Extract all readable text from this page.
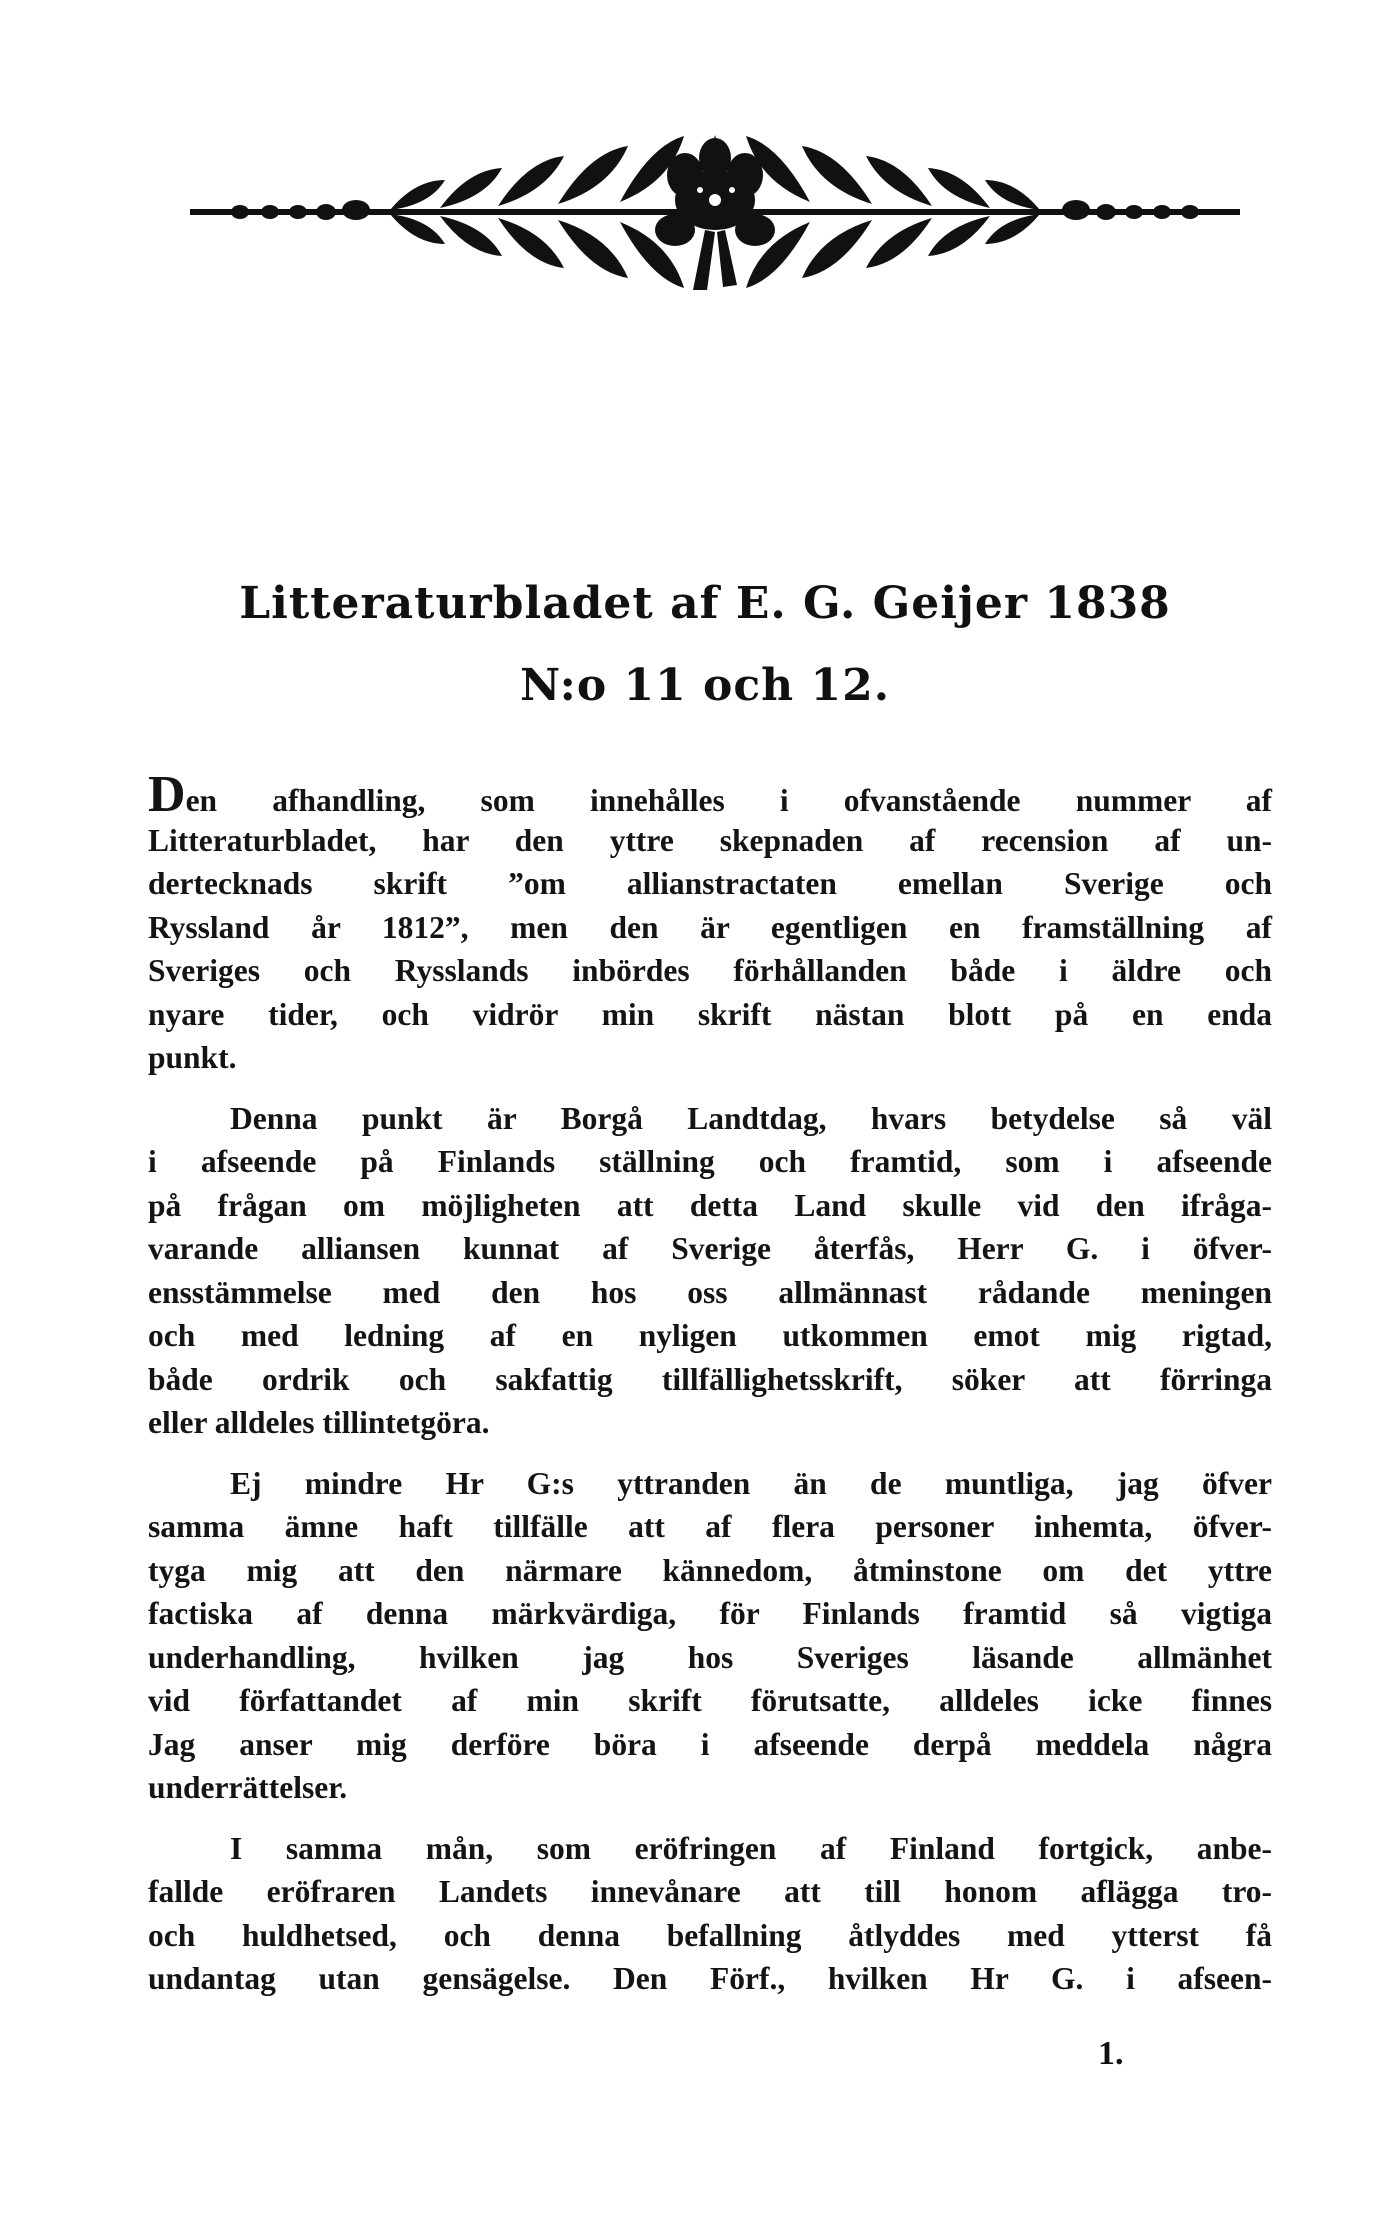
Litteraturbladet af E. G. Geijer 1838
N:o 11 och 12.
Den afhandling, som innehålles i ofvanstående nummer af
Litteraturbladet, har den yttre skepnaden af recension af un-
dertecknads skrift ”om allianstractaten emellan Sverige och
Ryssland år 1812”, men den är egentligen en framställning af
Sveriges och Rysslands inbördes förhållanden både i äldre och
nyare tider, och vidrör min skrift nästan blott på en enda
punkt.
Denna punkt är Borgå Landtdag, hvars betydelse så väl
i afseende på Finlands ställning och framtid, som i afseende
på frågan om möjligheten att detta Land skulle vid den ifråga-
varande alliansen kunnat af Sverige återfås, Herr G. i öfver-
ensstämmelse med den hos oss allmännast rådande meningen
och med ledning af en nyligen utkommen emot mig rigtad,
både ordrik och sakfattig tillfällighetsskrift, söker att förringa
eller alldeles tillintetgöra.
Ej mindre Hr G:s yttranden än de muntliga, jag öfver
samma ämne haft tillfälle att af flera personer inhemta, öfver-
tyga mig att den närmare kännedom, åtminstone om det yttre
factiska af denna märkvärdiga, för Finlands framtid så vigtiga
underhandling, hvilken jag hos Sveriges läsande allmänhet
vid författandet af min skrift förutsatte, alldeles icke finnes
Jag anser mig derföre böra i afseende derpå meddela några
underrättelser.
I samma mån, som eröfringen af Finland fortgick, anbe-
fallde eröfraren Landets innevånare att till honom aflägga tro-
och huldhetsed, och denna befallning åtlyddes med ytterst få
undantag utan gensägelse. Den Förf., hvilken Hr G. i afseen-
1.
